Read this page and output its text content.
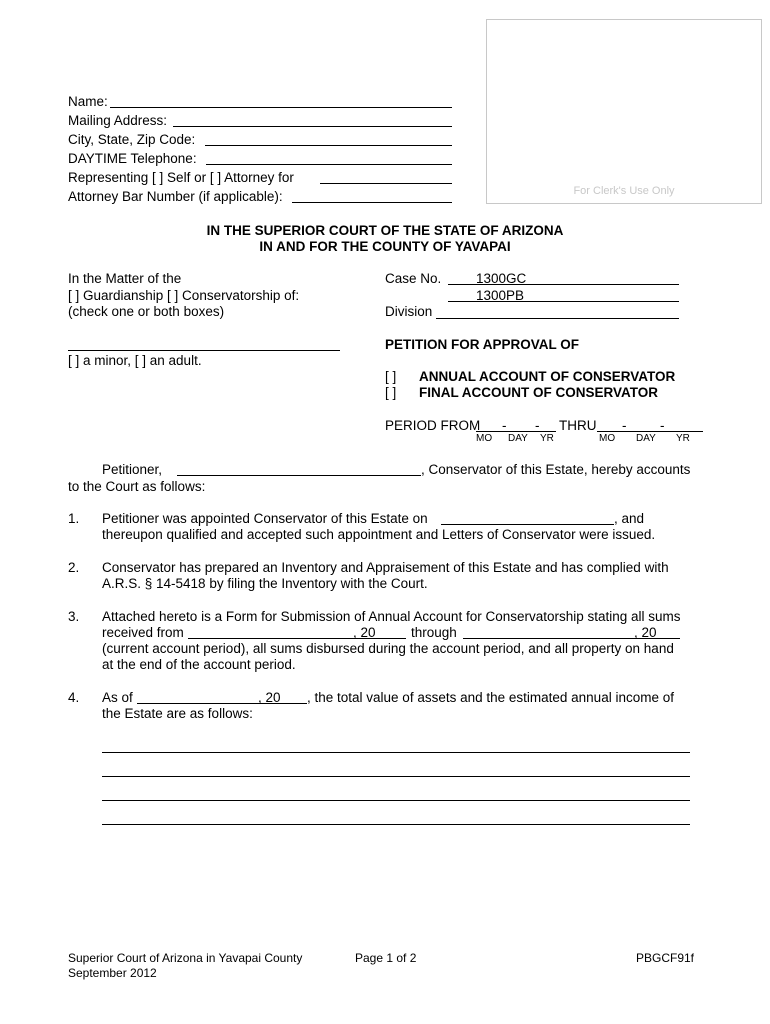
Name:
Mailing Address:
City, State, Zip Code:
DAYTIME Telephone:
Representing [ ] Self or [ ] Attorney for
Attorney Bar Number (if applicable):	For Clerk's Use Only
IN THE SUPERIOR COURT OF THE STATE OF ARIZONA
IN AND FOR THE COUNTY OF YAVAPAI
In the Matter of the
[ ] Guardianship [ ] Conservatorship of:
(check one or both boxes)
[ ] a minor, [ ] an adult.
Case No.	1300GC
1300PB
Division
PETITION FOR APPROVAL OF
[ ] ANNUAL ACCOUNT OF CONSERVATOR
[ ] FINAL ACCOUNT OF CONSERVATOR
PERIOD FROM - - THRU - -
MO DAY YR	MO DAY YR
Petitioner,	, Conservator of this Estate, hereby accounts
to the Court as follows:
1. Petitioner was appointed Conservator of this Estate on	, and
thereupon qualified and accepted such appointment and Letters of Conservator were issued.
2. Conservator has prepared an Inventory and Appraisement of this Estate and has complied with
A.R.S. § 14-5418 by filing the Inventory with the Court.
3. Attached hereto is a Form for Submission of Annual Account for Conservatorship stating all sums
received from	, 20	through	, 20
(current account period), all sums disbursed during the account period, and all property on hand
at the end of the account period.
4. As of	, 20 , the total value of assets and the estimated annual income of
the Estate are as follows:
Superior Court of Arizona in Yavapai County
September 2012
Page 1 of 2	PBGCF91f
